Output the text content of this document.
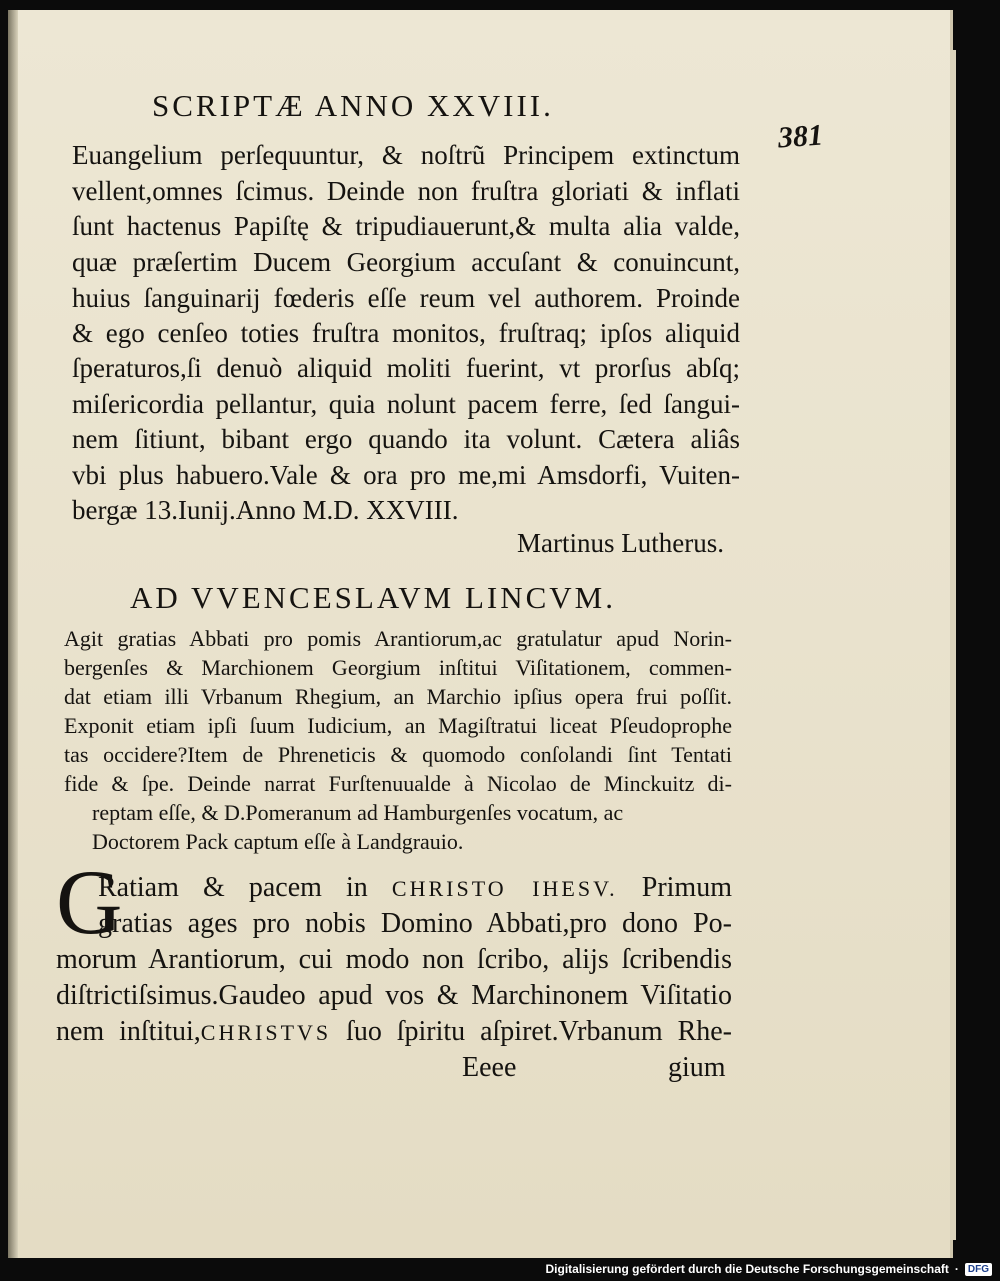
SCRIPTÆ ANNO XXVIII.
381
Euangelium perſequuntur, & noſtrũ Principem extinctum
vellent,omnes ſcimus. Deinde non fruſtra gloriati & inflati
ſunt hactenus Papiſtę & tripudiauerunt,& multa alia valde,
quæ præſertim Ducem Georgium accuſant & conuincunt,
huius ſanguinarij fœderis eſſe reum vel authorem. Proinde
& ego cenſeo toties fruſtra monitos, fruſtraq; ipſos aliquid
ſperaturos,ſi denuò aliquid moliti fuerint, vt prorſus abſq;
miſericordia pellantur, quia nolunt pacem ferre, ſed ſangui-
nem ſitiunt, bibant ergo quando ita volunt. Cætera aliâs
vbi plus habuero.Vale & ora pro me,mi Amsdorfi, Vuiten-
bergæ 13.Iunij.Anno M.D. XXVIII.
Martinus Lutherus.
AD VVENCESLAVM LINCVM.
Agit gratias Abbati pro pomis Arantiorum,ac gratulatur apud Norin-
bergenſes & Marchionem Georgium inſtitui Viſitationem, commen-
dat etiam illi Vrbanum Rhegium, an Marchio ipſius opera frui poſſit.
Exponit etiam ipſi ſuum Iudicium, an Magiſtratui liceat Pſeudoprophe
tas occidere?Item de Phreneticis & quomodo conſolandi ſint Tentati
fide & ſpe. Deinde narrat Furſtenuualde à Nicolao de Minckuitz di-
reptam eſſe, & D.Pomeranum ad Hamburgenſes vocatum, ac
Doctorem Pack captum eſſe à Landgrauio.
G
Ratiam & pacem in CHRISTO IHESV. Primum
gratias ages pro nobis Domino Abbati,pro dono Po-
morum Arantiorum, cui modo non ſcribo, alijs ſcribendis
diſtrictiſsimus.Gaudeo apud vos & Marchinonem Viſitatio
nem inſtitui,CHRISTVS ſuo ſpiritu aſpiret.Vrbanum Rhe-
Eeee	gium
Digitalisierung gefördert durch die Deutsche Forschungsgemeinschaft · DFG
